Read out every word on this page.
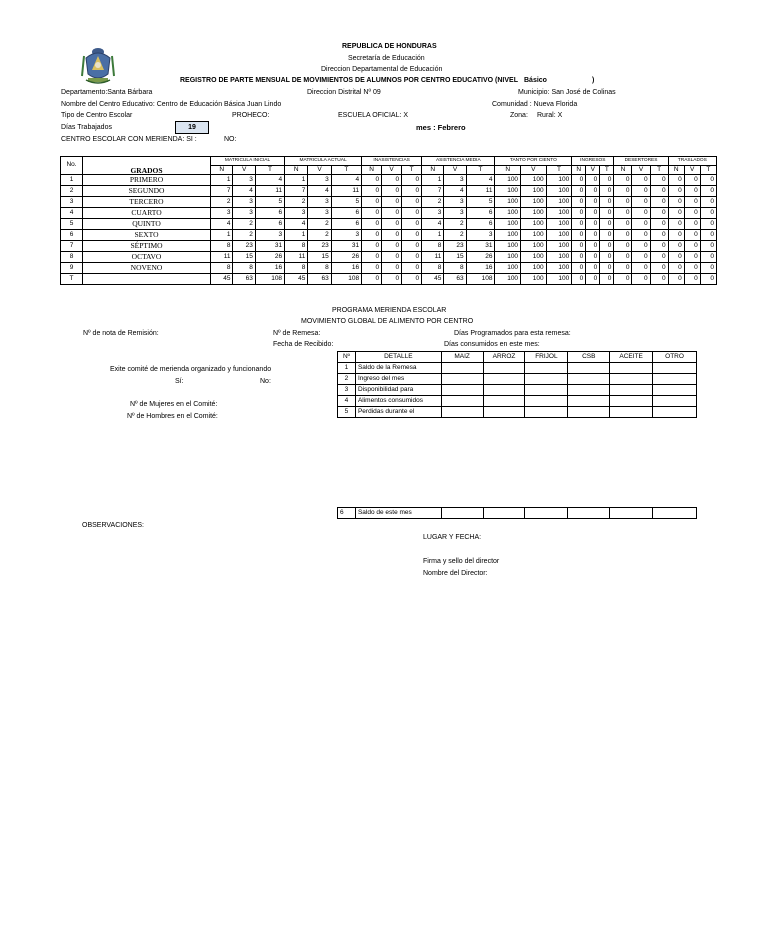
REPUBLICA DE HONDURAS
Secretaría de Educación
Direccion Departamental de Educación
REGISTRO DE PARTE MENSUAL DE MOVIMIENTOS DE ALUMNOS POR CENTRO EDUCATIVO (NIVEL Básico	)
Departamento:Santa Bárbara	Direccion Distrital Nº 09	Municipio: San José de Colinas
Nombre del Centro Educativo: Centro de Educación Básica Juan Lindo	Comunidad : Nueva Florida
Tipo de Centro Escolar	PROHECO:	ESCUELA OFICIAL: X	Zona: Rural: X
Días Trabajados	19	mes : Febrero
CENTRO ESCOLAR CON MERIENDA: SI :	NO:
No.	GRADOS	MATRICULA INICIAL			MATRICULA ACTUAL			INASISTENCIAS			ASISTENCIA MEDIA			TANTO POR CIENTO			INGRESOS			DESERTORES			TRASLADOS		
		N	V	T	N	V	T	N	V	T	N	V	T	N	V	T	N	V	T	N	V	T	N	V	T
1	PRIMERO	1	3	4	1	3	4	0	0	0	1	3	4	100	100	100	0	0	0	0	0	0	0	0	0
2	SEGUNDO	7	4	11	7	4	11	0	0	0	7	4	11	100	100	100	0	0	0	0	0	0	0	0	0
3	TERCERO	2	3	5	2	3	5	0	0	0	2	3	5	100	100	100	0	0	0	0	0	0	0	0	0
4	CUARTO	3	3	6	3	3	6	0	0	0	3	3	6	100	100	100	0	0	0	0	0	0	0	0	0
5	QUINTO	4	2	6	4	2	6	0	0	0	4	2	6	100	100	100	0	0	0	0	0	0	0	0	0
6	SEXTO	1	2	3	1	2	3	0	0	0	1	2	3	100	100	100	0	0	0	0	0	0	0	0	0
7	SÉPTIMO	8	23	31	8	23	31	0	0	0	8	23	31	100	100	100	0	0	0	0	0	0	0	0	0
8	OCTAVO	11	15	26	11	15	26	0	0	0	11	15	26	100	100	100	0	0	0	0	0	0	0	0	0
9	NOVENO	8	8	16	8	8	16	0	0	0	8	8	16	100	100	100	0	0	0	0	0	0	0	0	0
T		45	63	108	45	63	108	0	0	0	45	63	108	100	100	100	0	0	0	0	0	0	0	0	0
PROGRAMA MERIENDA ESCOLAR
MOVIMIENTO GLOBAL DE ALIMENTO POR CENTRO
Nº de nota de Remisión:	Nº de Remesa:	Días Programados para esta remesa:
Fecha de Recibido:	Días consumidos en este mes:
Exite comité de merienda organizado y funcionando
Sí:	No:
Nº de Mujeres en el Comité:
Nº de Hombres en el Comité:
Nº	DETALLE	MAIZ	ARROZ	FRIJOL	CSB	ACEITE	OTRO
1	Saldo de la Remesa						
2	Ingreso del mes						
3	Disponibilidad para						
4	Alimentos consumidos						
5	Perdidas durante el						
6	Saldo de este mes						
OBSERVACIONES:
LUGAR Y FECHA:
Firma y sello del director
Nombre del Director:
